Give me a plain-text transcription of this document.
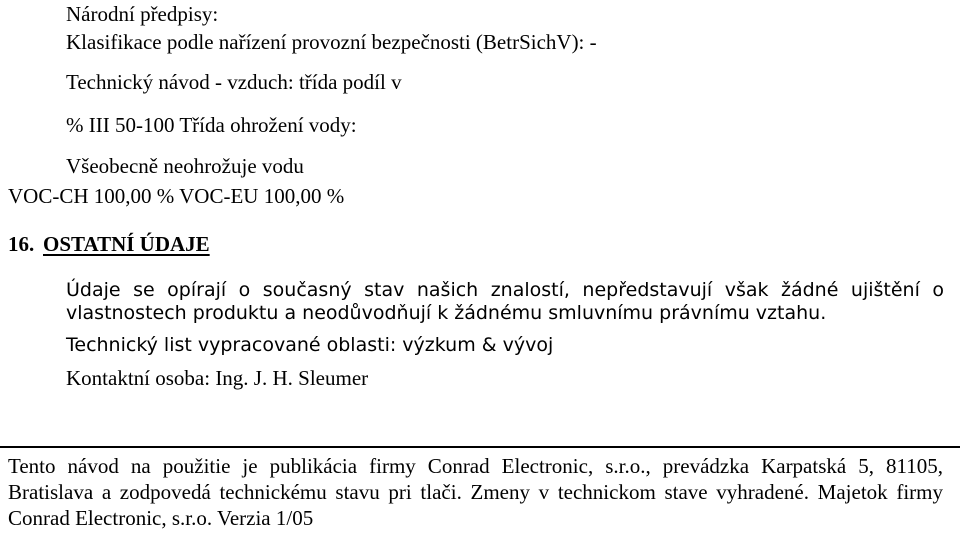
Národní předpisy:

Klasifikace podle nařízení provozní bezpečnosti (BetrSichV): -

Technický návod - vzduch: třída podíl v

% III 50-100 Třída ohrožení vody:

Všeobecně neohrožuje vodu

VOC-CH 100,00 % VOC-EU 100,00 %

16. OSTATNÍ ÚDAJE

Údaje se opírají o současný stav našich znalostí, nepředstavují však žádné ujištění o vlastnostech produktu a neodůvodňují k žádnému smluvnímu právnímu vztahu.

Technický list vypracované oblasti: výzkum & vývoj

Kontaktní osoba: Ing. J. H. Sleumer

Tento návod na použitie je publikácia firmy Conrad Electronic, s.r.o., prevádzka Karpatská 5, 81105, Bratislava a zodpovedá technickému stavu pri tlači. Zmeny v technickom stave vyhradené. Majetok firmy Conrad Electronic, s.r.o. Verzia 1/05
